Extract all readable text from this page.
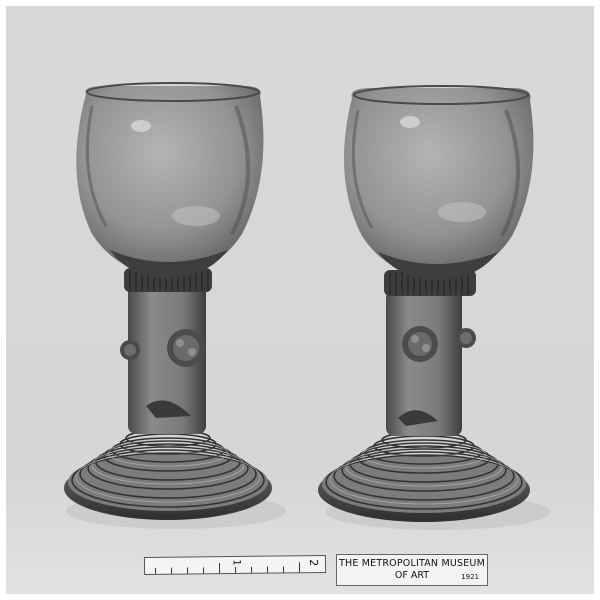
1	2 THE METROPOLITAN MUSEUM
OF ART	1921
